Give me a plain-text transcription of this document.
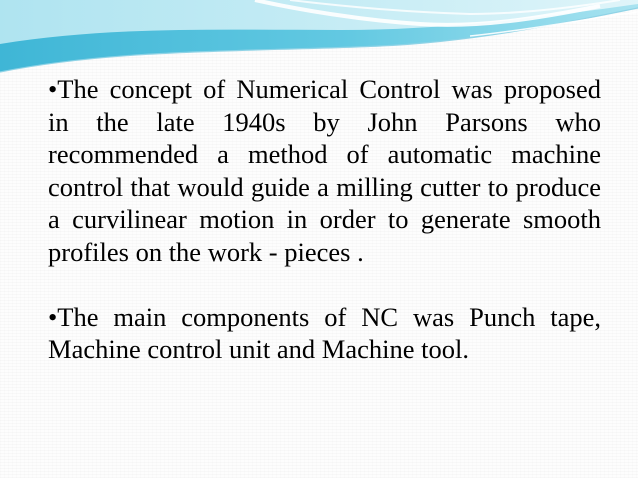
•The concept of Numerical Control was proposed in the late 1940s by John Parsons who recommended a method of automatic machine control that would guide a milling cutter to produce a curvilinear motion in order to generate smooth profiles on the work - pieces .

•The main components of NC was Punch tape, Machine control unit and Machine tool.
